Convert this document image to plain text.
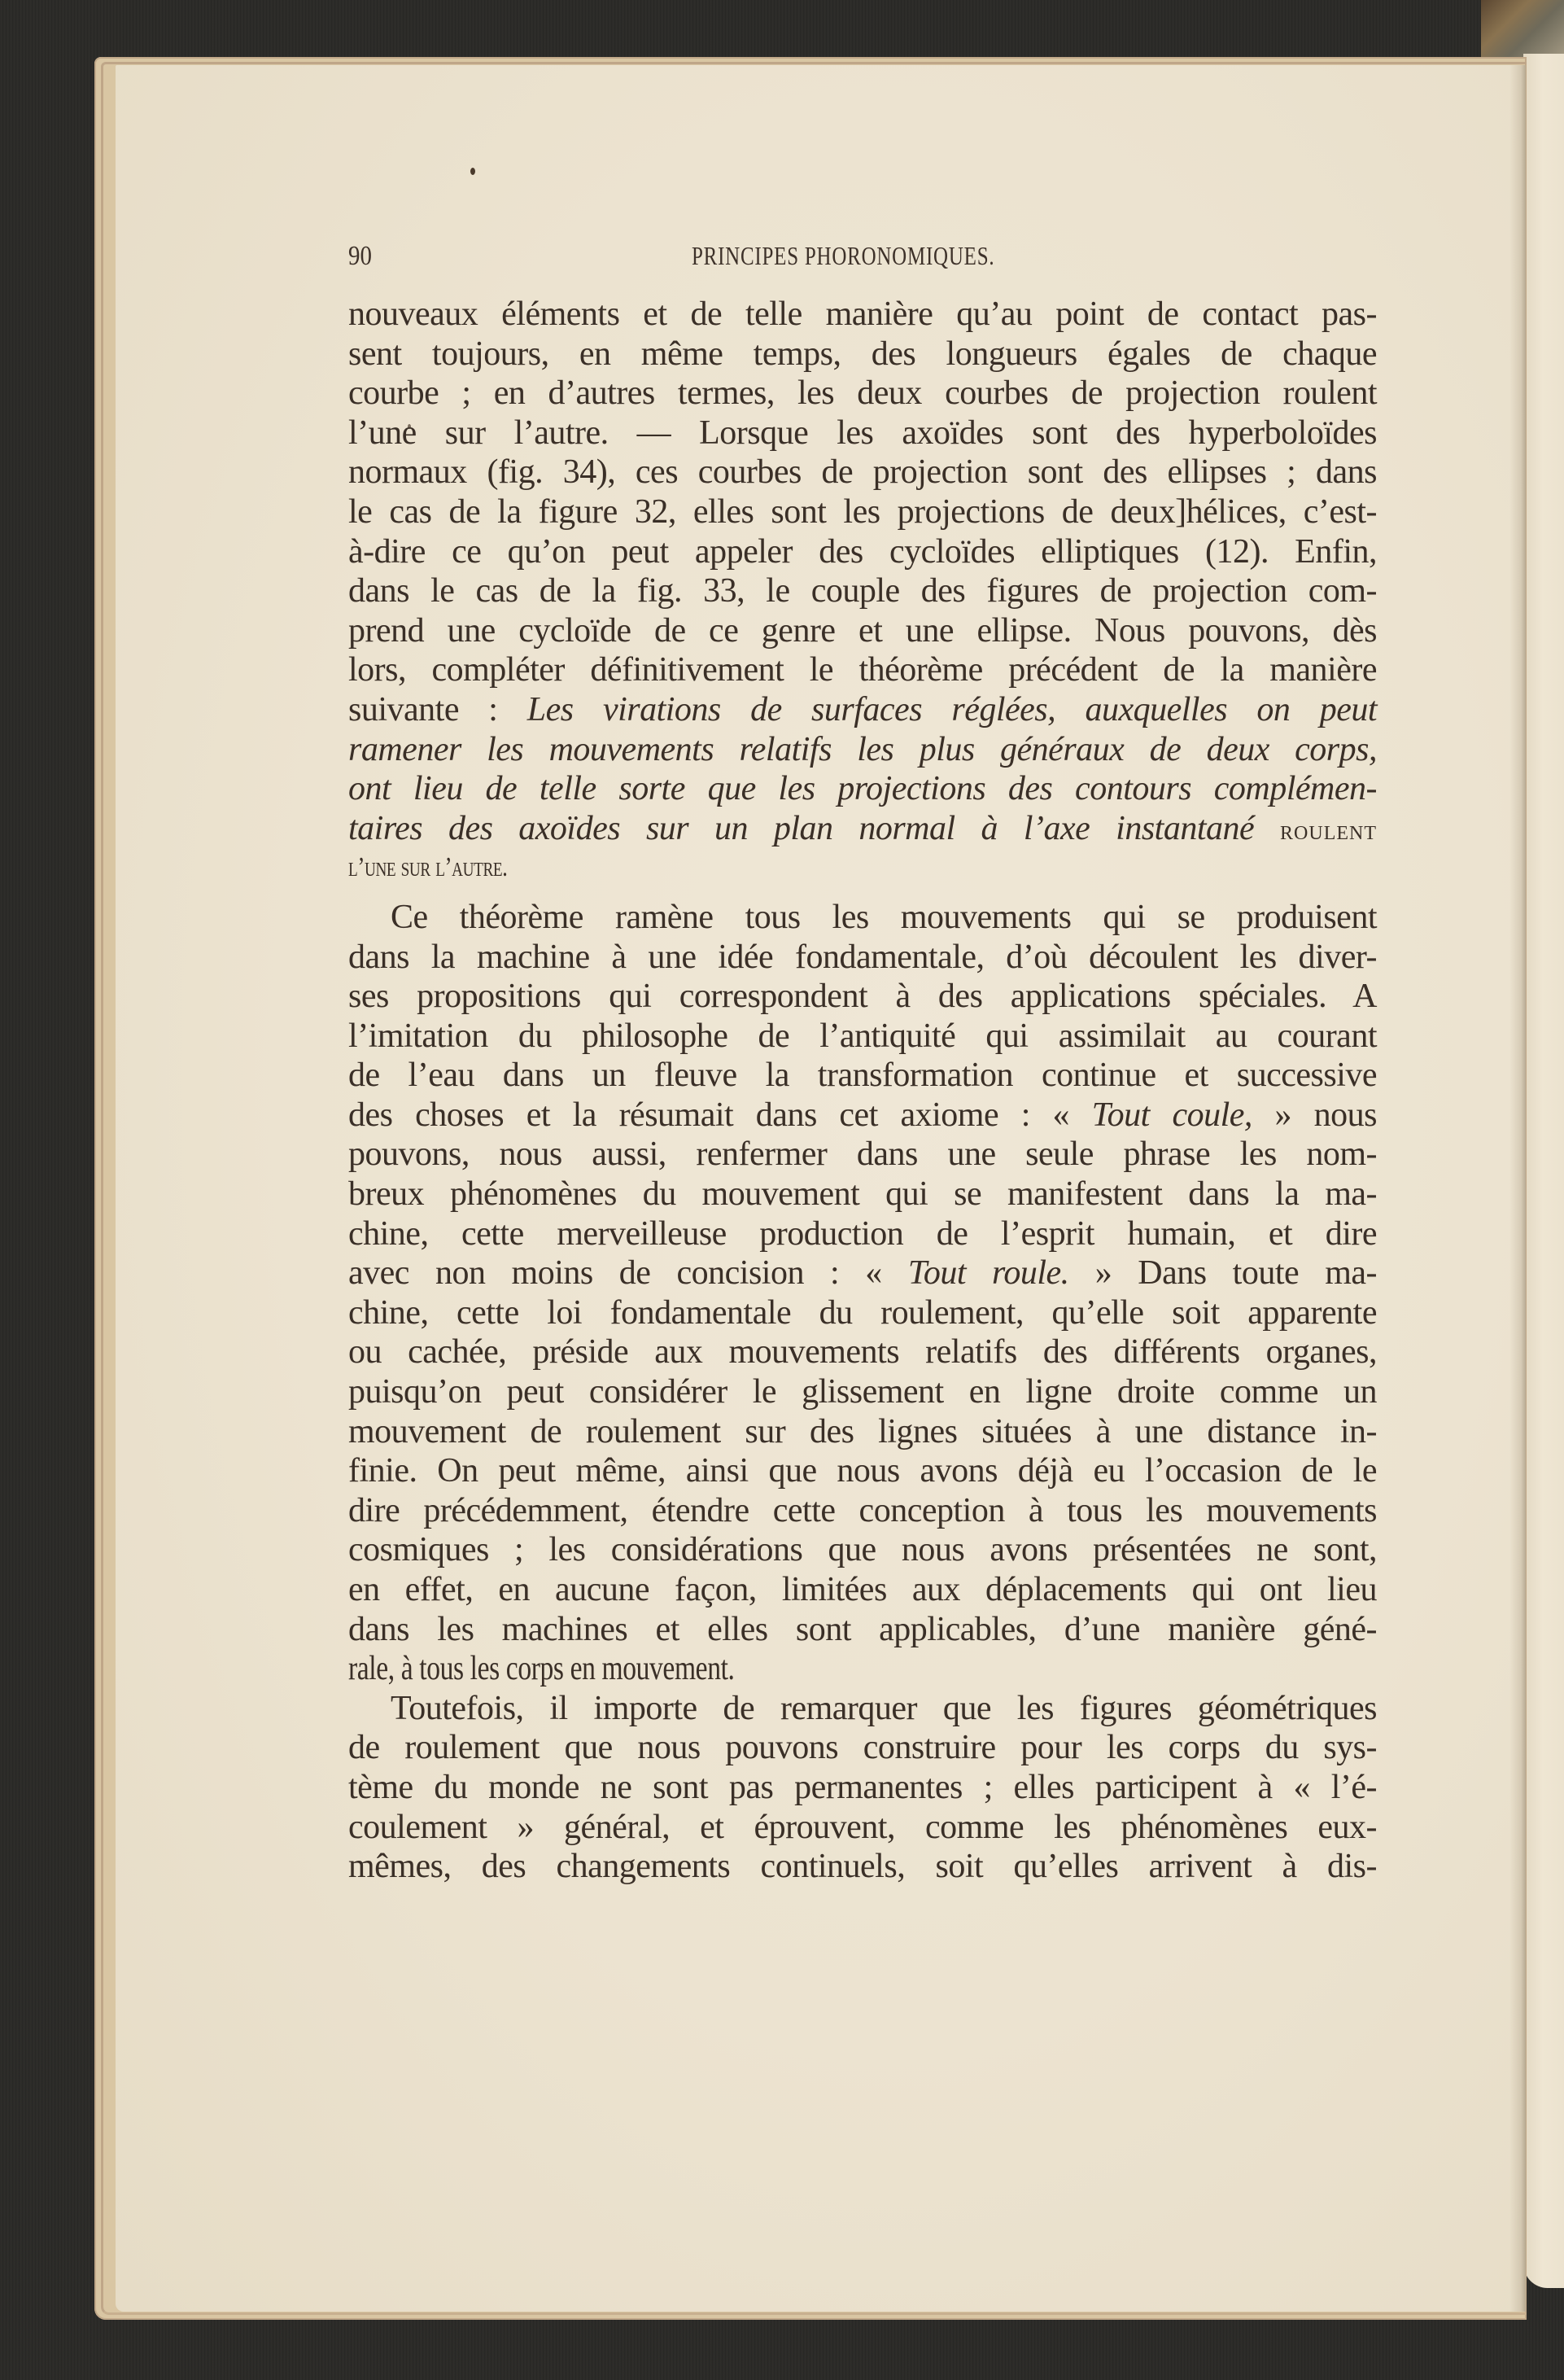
90	PRINCIPES PHORONOMIQUES.
nouveaux éléments et de telle manière qu’au point de contact pas-
sent toujours, en même temps, des longueurs égales de chaque
courbe ; en d’autres termes, les deux courbes de projection roulent
l’une sur l’autre. — Lorsque les axoïdes sont des hyperboloïdes
normaux (fig. 34), ces courbes de projection sont des ellipses ; dans
le cas de la figure 32, elles sont les projections de deux]hélices, c’est-
à-dire ce qu’on peut appeler des cycloïdes elliptiques (12). Enfin,
dans le cas de la fig. 33, le couple des figures de projection com-
prend une cycloïde de ce genre et une ellipse. Nous pouvons, dès
lors, compléter définitivement le théorème précédent de la manière
suivante : Les virations de surfaces réglées, auxquelles on peut
ramener les mouvements relatifs les plus généraux de deux corps,
ont lieu de telle sorte que les projections des contours complémen-
taires des axoïdes sur un plan normal à l’axe instantané roulent
l’une sur l’autre.
Ce théorème ramène tous les mouvements qui se produisent
dans la machine à une idée fondamentale, d’où découlent les diver-
ses propositions qui correspondent à des applications spéciales. A
l’imitation du philosophe de l’antiquité qui assimilait au courant
de l’eau dans un fleuve la transformation continue et successive
des choses et la résumait dans cet axiome : « Tout coule, » nous
pouvons, nous aussi, renfermer dans une seule phrase les nom-
breux phénomènes du mouvement qui se manifestent dans la ma-
chine, cette merveilleuse production de l’esprit humain, et dire
avec non moins de concision : « Tout roule. » Dans toute ma-
chine, cette loi fondamentale du roulement, qu’elle soit apparente
ou cachée, préside aux mouvements relatifs des différents organes,
puisqu’on peut considérer le glissement en ligne droite comme un
mouvement de roulement sur des lignes situées à une distance in-
finie. On peut même, ainsi que nous avons déjà eu l’occasion de le
dire précédemment, étendre cette conception à tous les mouvements
cosmiques ; les considérations que nous avons présentées ne sont,
en effet, en aucune façon, limitées aux déplacements qui ont lieu
dans les machines et elles sont applicables, d’une manière géné-
rale, à tous les corps en mouvement.
Toutefois, il importe de remarquer que les figures géométriques
de roulement que nous pouvons construire pour les corps du sys-
tème du monde ne sont pas permanentes ; elles participent à « l’é-
coulement » général, et éprouvent, comme les phénomènes eux-
mêmes, des changements continuels, soit qu’elles arrivent à dis-
